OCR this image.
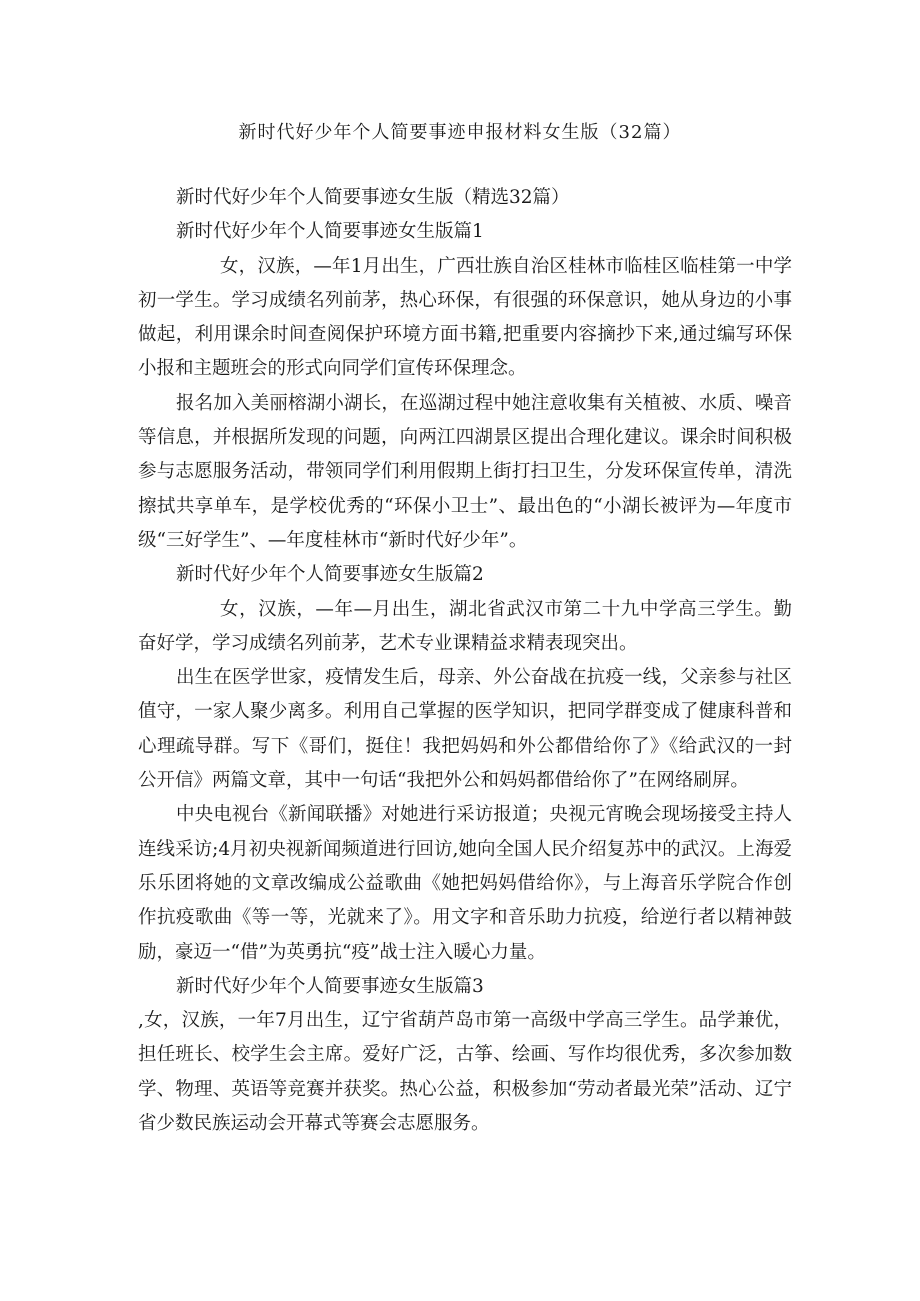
新时代好少年个人简要事迹申报材料女生版（32篇）

新时代好少年个人简要事迹女生版（精选32篇）

新时代好少年个人简要事迹女生版篇1

女，汉族，—年1月出生，广西壮族自治区桂林市临桂区临桂第一中学初一学生。学习成绩名列前茅，热心环保，有很强的环保意识，她从身边的小事做起，利用课余时间查阅保护环境方面书籍,把重要内容摘抄下来,通过编写环保小报和主题班会的形式向同学们宣传环保理念。

报名加入美丽榕湖小湖长，在巡湖过程中她注意收集有关植被、水质、噪音等信息，并根据所发现的问题，向两江四湖景区提出合理化建议。课余时间积极参与志愿服务活动，带领同学们利用假期上街打扫卫生，分发环保宣传单，清洗擦拭共享单车，是学校优秀的“环保小卫士”、最出色的“小湖长被评为—年度市级“三好学生”、—年度桂林市“新时代好少年”。

新时代好少年个人简要事迹女生版篇2

女，汉族，—年—月出生，湖北省武汉市第二十九中学高三学生。勤奋好学，学习成绩名列前茅，艺术专业课精益求精表现突出。

出生在医学世家，疫情发生后，母亲、外公奋战在抗疫一线，父亲参与社区值守，一家人聚少离多。利用自己掌握的医学知识，把同学群变成了健康科普和心理疏导群。写下《哥们，挺住！我把妈妈和外公都借给你了》《给武汉的一封公开信》两篇文章，其中一句话“我把外公和妈妈都借给你了”在网络刷屏。

中央电视台《新闻联播》对她进行采访报道；央视元宵晚会现场接受主持人连线采访;4月初央视新闻频道进行回访,她向全国人民介绍复苏中的武汉。上海爱乐乐团将她的文章改编成公益歌曲《她把妈妈借给你》，与上海音乐学院合作创作抗疫歌曲《等一等，光就来了》。用文字和音乐助力抗疫，给逆行者以精神鼓励，豪迈一“借”为英勇抗“疫”战士注入暖心力量。

新时代好少年个人简要事迹女生版篇3

,女，汉族，一年7月出生，辽宁省葫芦岛市第一高级中学高三学生。品学兼优，担任班长、校学生会主席。爱好广泛，古筝、绘画、写作均很优秀，多次参加数学、物理、英语等竞赛并获奖。热心公益，积极参加“劳动者最光荣”活动、辽宁省少数民族运动会开幕式等赛会志愿服务。
